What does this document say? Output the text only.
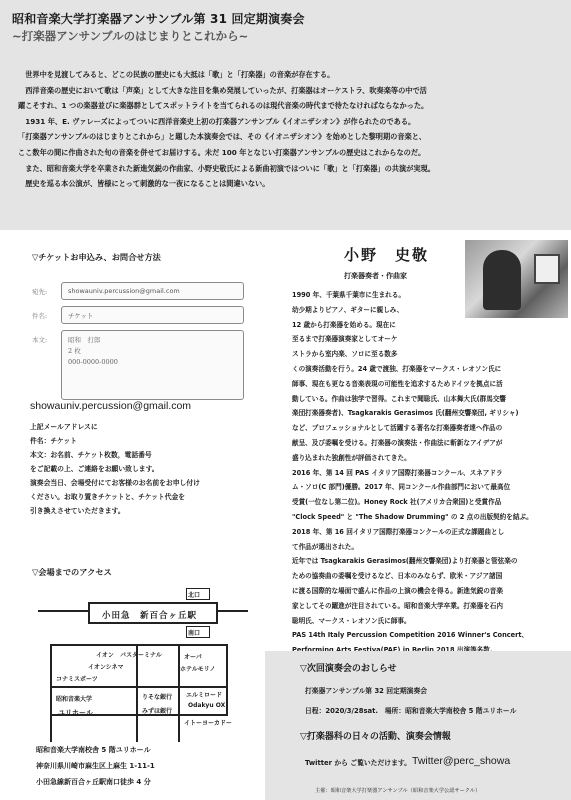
昭和音楽大学打楽器アンサンブル第 31 回定期演奏会
~打楽器アンサンブルのはじまりとこれから~

世界中を見渡してみると、どこの民族の歴史にも大抵は「歌」と「打楽器」の音楽が存在する。

西洋音楽の歴史において歌は「声楽」として大きな注目を集め発展していったが、打楽器はオーケストラ、吹奏楽等の中で活

躍こそすれ、1 つの楽器並びに楽器群としてスポットライトを当てられるのは現代音楽の時代まで待たなければならなかった。

1931 年、E. ヴァレーズによってついに西洋音楽史上初の打楽器アンサンブル《イオニザシオン》が作られたのである。

「打楽器アンサンブルのはじまりとこれから」と題した本演奏会では、その《イオニザシオン》を始めとした黎明期の音楽と、

ここ数年の間に作曲された旬の音楽を併せてお届けする。未だ 100 年となじい打楽器アンサンブルの歴史はこれからなのだ。

また、昭和音楽大学を卒業された新進気鋭の作曲家、小野史敬氏による新曲初演ではついに「歌」と「打楽器」の共演が実現。

歴史を巡る本公演が、皆様にとって刺激的な一夜になることは間違いない。

▽チケットお申込み、お問合せ方法
宛先:	showauniv.percussion@gmail.com
件名:	チケット
本文:	昭和　打郎
2 枚
000-0000-0000
showauniv.percussion@gmail.com
上記メールアドレスに
件名：チケット
本文：お名前、チケット枚数，電話番号
をご記載の上、ご連絡をお願い致します。
演奏会当日、会場受付にてお客様のお名前をお申し付け
ください。お取り置きチケットと、チケット代金を
引き換えさせていただきます。
▽会場までのアクセス
小田急　新百合ヶ丘駅
北口
南口
イオン
イオンシネマ
バスターミナル	オーパ
ホテルモリノ
コナミスポーツ
昭和音楽大学
ユリホール
りそな銀行
みずほ銀行
エルミロード
Odakyu OX
イトーヨーカドー
昭和音楽大学南校舎 5 階ユリホール
神奈川県川崎市麻生区上麻生 1-11-1
小田急線新百合ヶ丘駅南口徒歩 4 分
小野　史敬
打楽器奏者・作曲家
1990 年、千葉県千葉市に生まれる。
幼少期よりピアノ、ギターに親しみ、
12 歳から打楽器を始める。現在に
至るまで打楽器演奏家としてオーケ
ストラから室内楽、ソロに至る数多
くの演奏活動を行う。24 歳で渡独、打楽器をマークス・レオソン氏に
師事、現在も更なる音楽表現の可能性を追求するためドイツを拠点に活
動している。作曲は独学で習得。これまで聞聡氏、山本舞大氏(群馬交響
楽団打楽器奏者)、Tsagkarakis Gerasimos 氏(翻州交響楽団, ギリシャ)
など、プロフェッショナルとして活躍する著名な打楽器奏者達へ作品の
献呈、及び委嘱を受ける。打楽器の演奏法・作曲法に斬新なアイデアが
盛り込まれた独創性が評価されてきた。
2016 年、第 14 回 PAS イタリア国際打楽器コンクール、スネアドラ
ム・ソロ(C 部門)優勝。2017 年、同コンクール作曲部門において最高位
受賞(一位なし第二位)。Honey Rock 社(アメリカ合衆国)と受賞作品
"Clock Speed" と "The Shadow Drumming" の 2 点の出版契約を結ぶ。
2018 年、第 16 回イタリア国際打楽器コンクールの正式な課題曲とし
て作品が選出された。
近年では Tsagkarakis Gerasimos(翻州交響楽団)より打楽器と管弦楽の
ための協奏曲の委嘱を受けるなど、日本のみならず、欧米・アジア諸国
に渡る国際的な場面で盛んに作品の上演の機会を得る。新進気鋭の音楽
家としてその躍進が注目されている。昭和音楽大学卒業。打楽器を石内
聡明氏、マークス・レオソン氏に師事。
PAS 14th Italy Percussion Competition 2016 Winner's Concert、
▽次回演奏会のおしらせ
打楽器アンサンブル第 32 回定期演奏会
日程：2020/3/28sat.　場所：昭和音楽大学南校舎 5 階ユリホール
▽打楽器科の日々の活動、演奏会情報
Twitter から ご覧いただけます。 Twitter@perc_showa
主催：昭和音楽大学打楽器アンサンブル（昭和音楽大学公認サークル）
